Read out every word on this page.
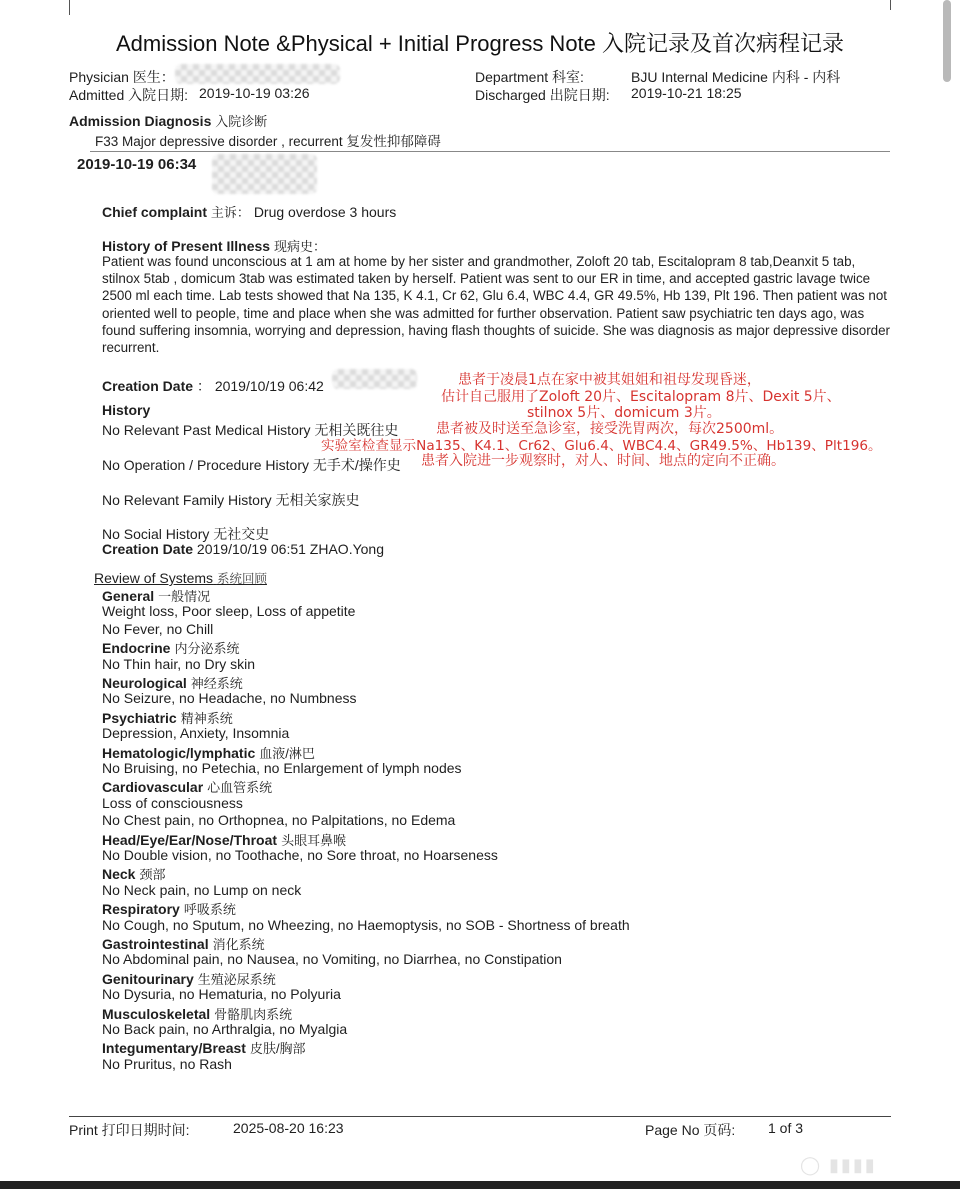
Admission Note &Physical + Initial Progress Note 入院记录及首次病程记录
Physician 医生：	Department 科室:	BJU Internal Medicine 内科 - 内科
Admitted 入院日期: 2019-10-19 03:26	Discharged 出院日期: 2019-10-21 18:25
Admission Diagnosis 入院诊断
F33 Major depressive disorder , recurrent 复发性抑郁障碍
2019-10-19 06:34
Chief complaint 主诉： Drug overdose 3 hours
History of Present Illness 现病史：
Patient was found unconscious at 1 am at home by her sister and grandmother, Zoloft 20 tab, Escitalopram 8 tab,Deanxit 5 tab, stilnox 5tab , domicum 3tab was estimated taken by herself. Patient was sent to our ER in time, and accepted gastric lavage twice 2500 ml each time. Lab tests showed that Na 135, K 4.1, Cr 62, Glu 6.4, WBC 4.4, GR 49.5%, Hb 139, Plt 196. Then patient was not oriented well to people, time and place when she was admitted for further observation. Patient saw psychiatric ten days ago, was found suffering insomnia, worrying and depression, having flash thoughts of suicide. She was diagnosis as major depressive disorder recurrent.
Creation Date ： 2019/10/19 06:42
History
No Relevant Past Medical History 无相关既往史
No Operation / Procedure History 无手术/操作史
No Relevant Family History 无相关家族史
No Social History 无社交史
Creation Date 2019/10/19 06:51 ZHAO.Yong
患者于凌晨1点在家中被其姐姐和祖母发现昏迷，
估计自己服用了Zoloft 20片、Escitalopram 8片、Dexit 5片、
stilnox 5片、domicum 3片。
患者被及时送至急诊室，接受洗胃两次，每次2500ml。
实验室检查显示Na135、K4.1、Cr62、Glu6.4、WBC4.4、GR49.5%、Hb139、Plt196。
患者入院进一步观察时，对人、时间、地点的定向不正确。
Review of Systems 系统回顾
General 一般情况
Weight loss, Poor sleep, Loss of appetite
No Fever, no Chill
Endocrine 内分泌系统
No Thin hair, no Dry skin
Neurological 神经系统
No Seizure, no Headache, no Numbness
Psychiatric 精神系统
Depression, Anxiety, Insomnia
Hematologic/lymphatic 血液/淋巴
No Bruising, no Petechia, no Enlargement of lymph nodes
Cardiovascular 心血管系统
Loss of consciousness
No Chest pain, no Orthopnea, no Palpitations, no Edema
Head/Eye/Ear/Nose/Throat 头眼耳鼻喉
No Double vision, no Toothache, no Sore throat, no Hoarseness
Neck 颈部
No Neck pain, no Lump on neck
Respiratory 呼吸系统
No Cough, no Sputum, no Wheezing, no Haemoptysis, no SOB - Shortness of breath
Gastrointestinal 消化系统
No Abdominal pain, no Nausea, no Vomiting, no Diarrhea, no Constipation
Genitourinary 生殖泌尿系统
No Dysuria, no Hematuria, no Polyuria
Musculoskeletal 骨骼肌肉系统
No Back pain, no Arthralgia, no Myalgia
Integumentary/Breast 皮肤/胸部
No Pruritus, no Rash
Print 打印日期时间:	2025-08-20 16:23	Page No 页码: 1 of 3
◯ ▮▮▮▮
